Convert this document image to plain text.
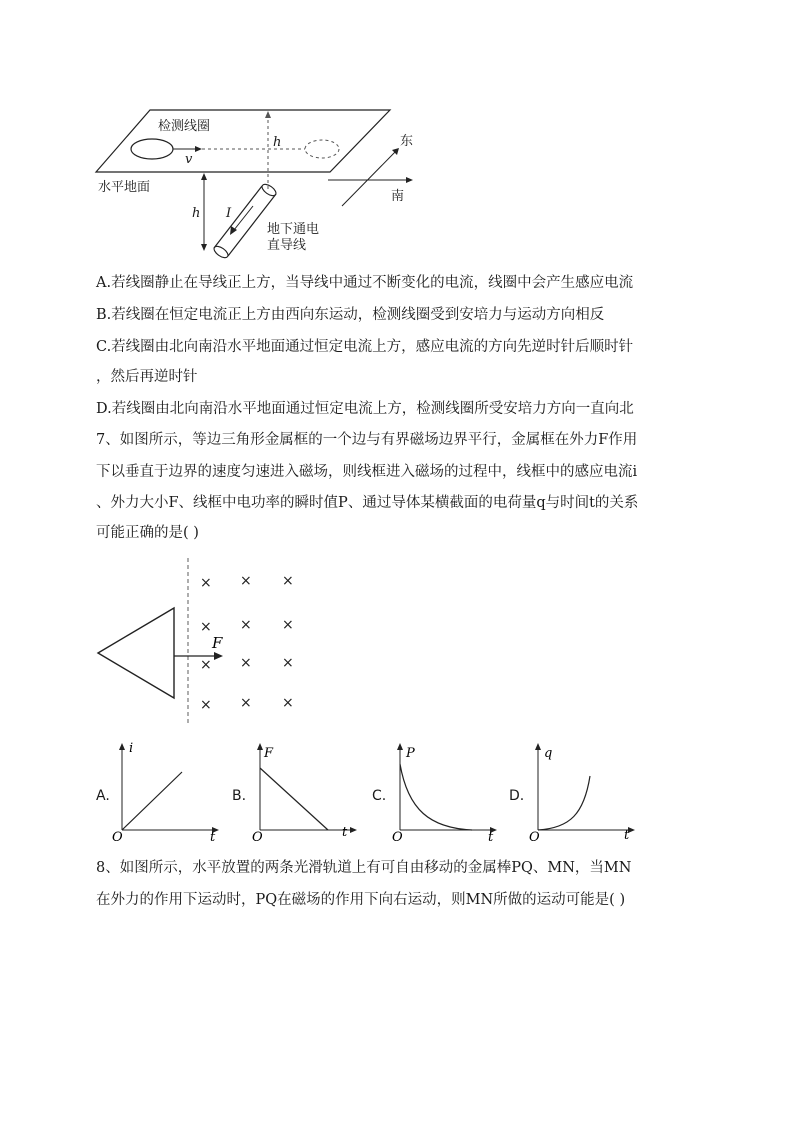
检测线圈
水平地面
地下通电
直导线
东
南
h
h
v
I
A.若线圈静止在导线正上方，当导线中通过不断变化的电流，线圈中会产生感应电流
B.若线圈在恒定电流正上方由西向东运动，检测线圈受到安培力与运动方向相反
C.若线圈由北向南沿水平地面通过恒定电流上方，感应电流的方向先逆时针后顺时针
，然后再逆时针
D.若线圈由北向南沿水平地面通过恒定电流上方，检测线圈所受安培力方向一直向北
7、如图所示，等边三角形金属框的一个边与有界磁场边界平行，金属框在外力F作用
下以垂直于边界的速度匀速进入磁场，则线框进入磁场的过程中，线框中的感应电流i
、外力大小F、线框中电功率的瞬时值P、通过导体某横截面的电荷量q与时间t的关系
可能正确的是( )
F
× × ×
× × ×
× × ×
× × ×
A.
i
t
O
B.
F
t
O
C.
P
t
O
D.
q
t
O
8、如图所示，水平放置的两条光滑轨道上有可自由移动的金属棒PQ、MN，当MN
在外力的作用下运动时，PQ在磁场的作用下向右运动，则MN所做的运动可能是( )
